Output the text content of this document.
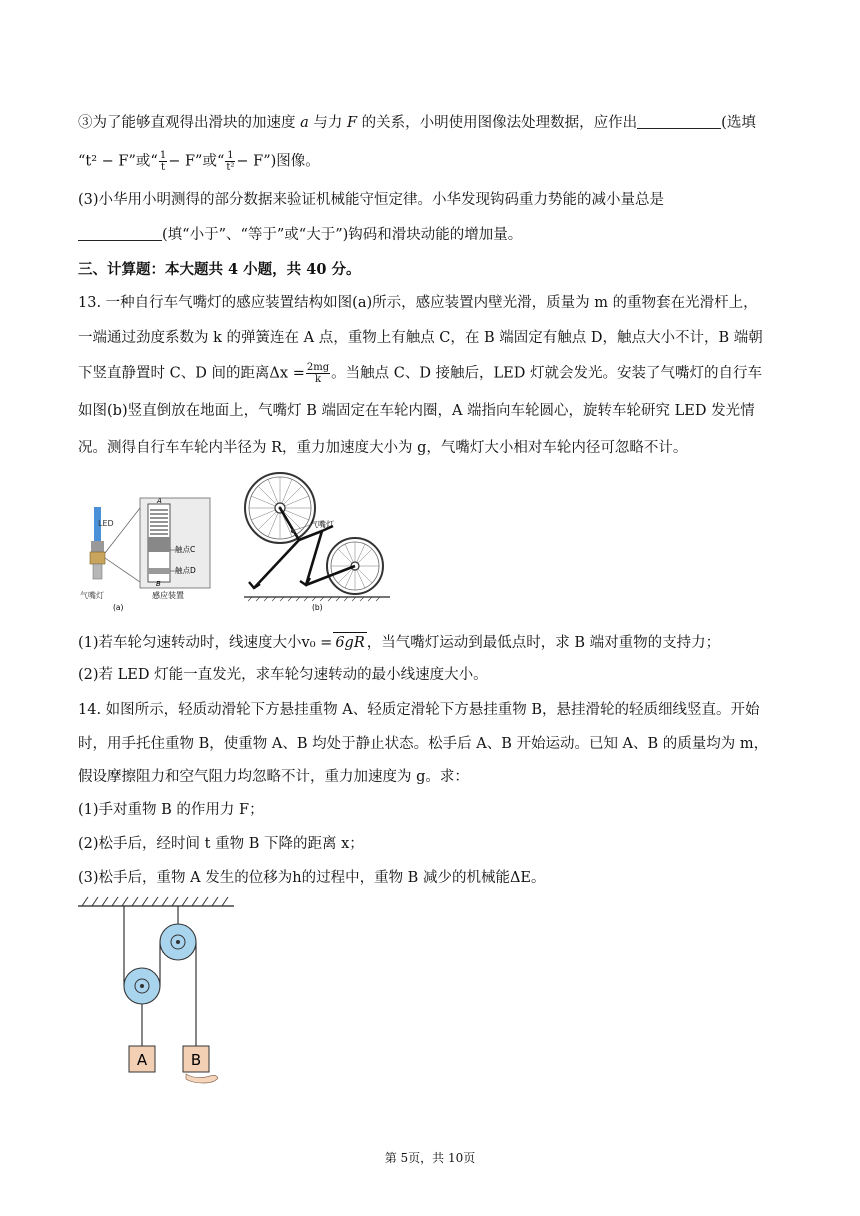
③为了能够直观得出滑块的加速度 a 与力 F 的关系，小明使用图像法处理数据，应作出	(选填
“t² − F”或“ $\frac{1}{t} - F$”或“ $\frac{1}{\text{t²}}$ − F”)图像。
(3)小华用小明测得的部分数据来验证机械能守恒定律。小华发现钩码重力势能的减小量总是
(填“小于”、“等于”或“大于”)钩码和滑块动能的增加量。
三、计算题：本大题共 4 小题，共 40 分。
13. 一种自行车气嘴灯的感应装置结构如图(a)所示，感应装置内壁光滑，质量为 m 的重物套在光滑杆上，
一端通过劲度系数为 k 的弹簧连在 A 点，重物上有触点 C，在 B 端固定有触点 D，触点大小不计，B 端朝
下竖直静置时 C、D 间的距离$\Delta x = \frac{2mg}{k}$ 。当触点 C、D 接触后，LED 灯就会发光。安装了气嘴灯的自行车
如图(b)竖直倒放在地面上，气嘴灯 B 端固定在车轮内圈，A 端指向车轮圆心，旋转车轮研究 LED 发光情
况。测得自行车车轮内半径为 R，重力加速度大小为 g，气嘴灯大小相对车轮内径可忽略不计。
LED
气嘴灯
A
B
触点C
触点D
感应装置
(a)
气嘴灯
(b)
(1)若车轮匀速转动时，线速度大小v₀ = 6gR ，当气嘴灯运动到最低点时，求 B 端对重物的支持力；
(2)若 LED 灯能一直发光，求车轮匀速转动的最小线速度大小。
14. 如图所示，轻质动滑轮下方悬挂重物 A、轻质定滑轮下方悬挂重物 B，悬挂滑轮的轻质细线竖直。开始
时，用手托住重物 B，使重物 A、B 均处于静止状态。松手后 A、B 开始运动。已知 A、B 的质量均为 m，
假设摩擦阻力和空气阻力均忽略不计，重力加速度为 g。求：
(1)手对重物 B 的作用力 F；
(2)松手后，经时间 t 重物 B 下降的距离 x；
(3)松手后，重物 A 发生的位移为h的过程中，重物 B 减少的机械能ΔE。
A	B
第 5页，共 10页
